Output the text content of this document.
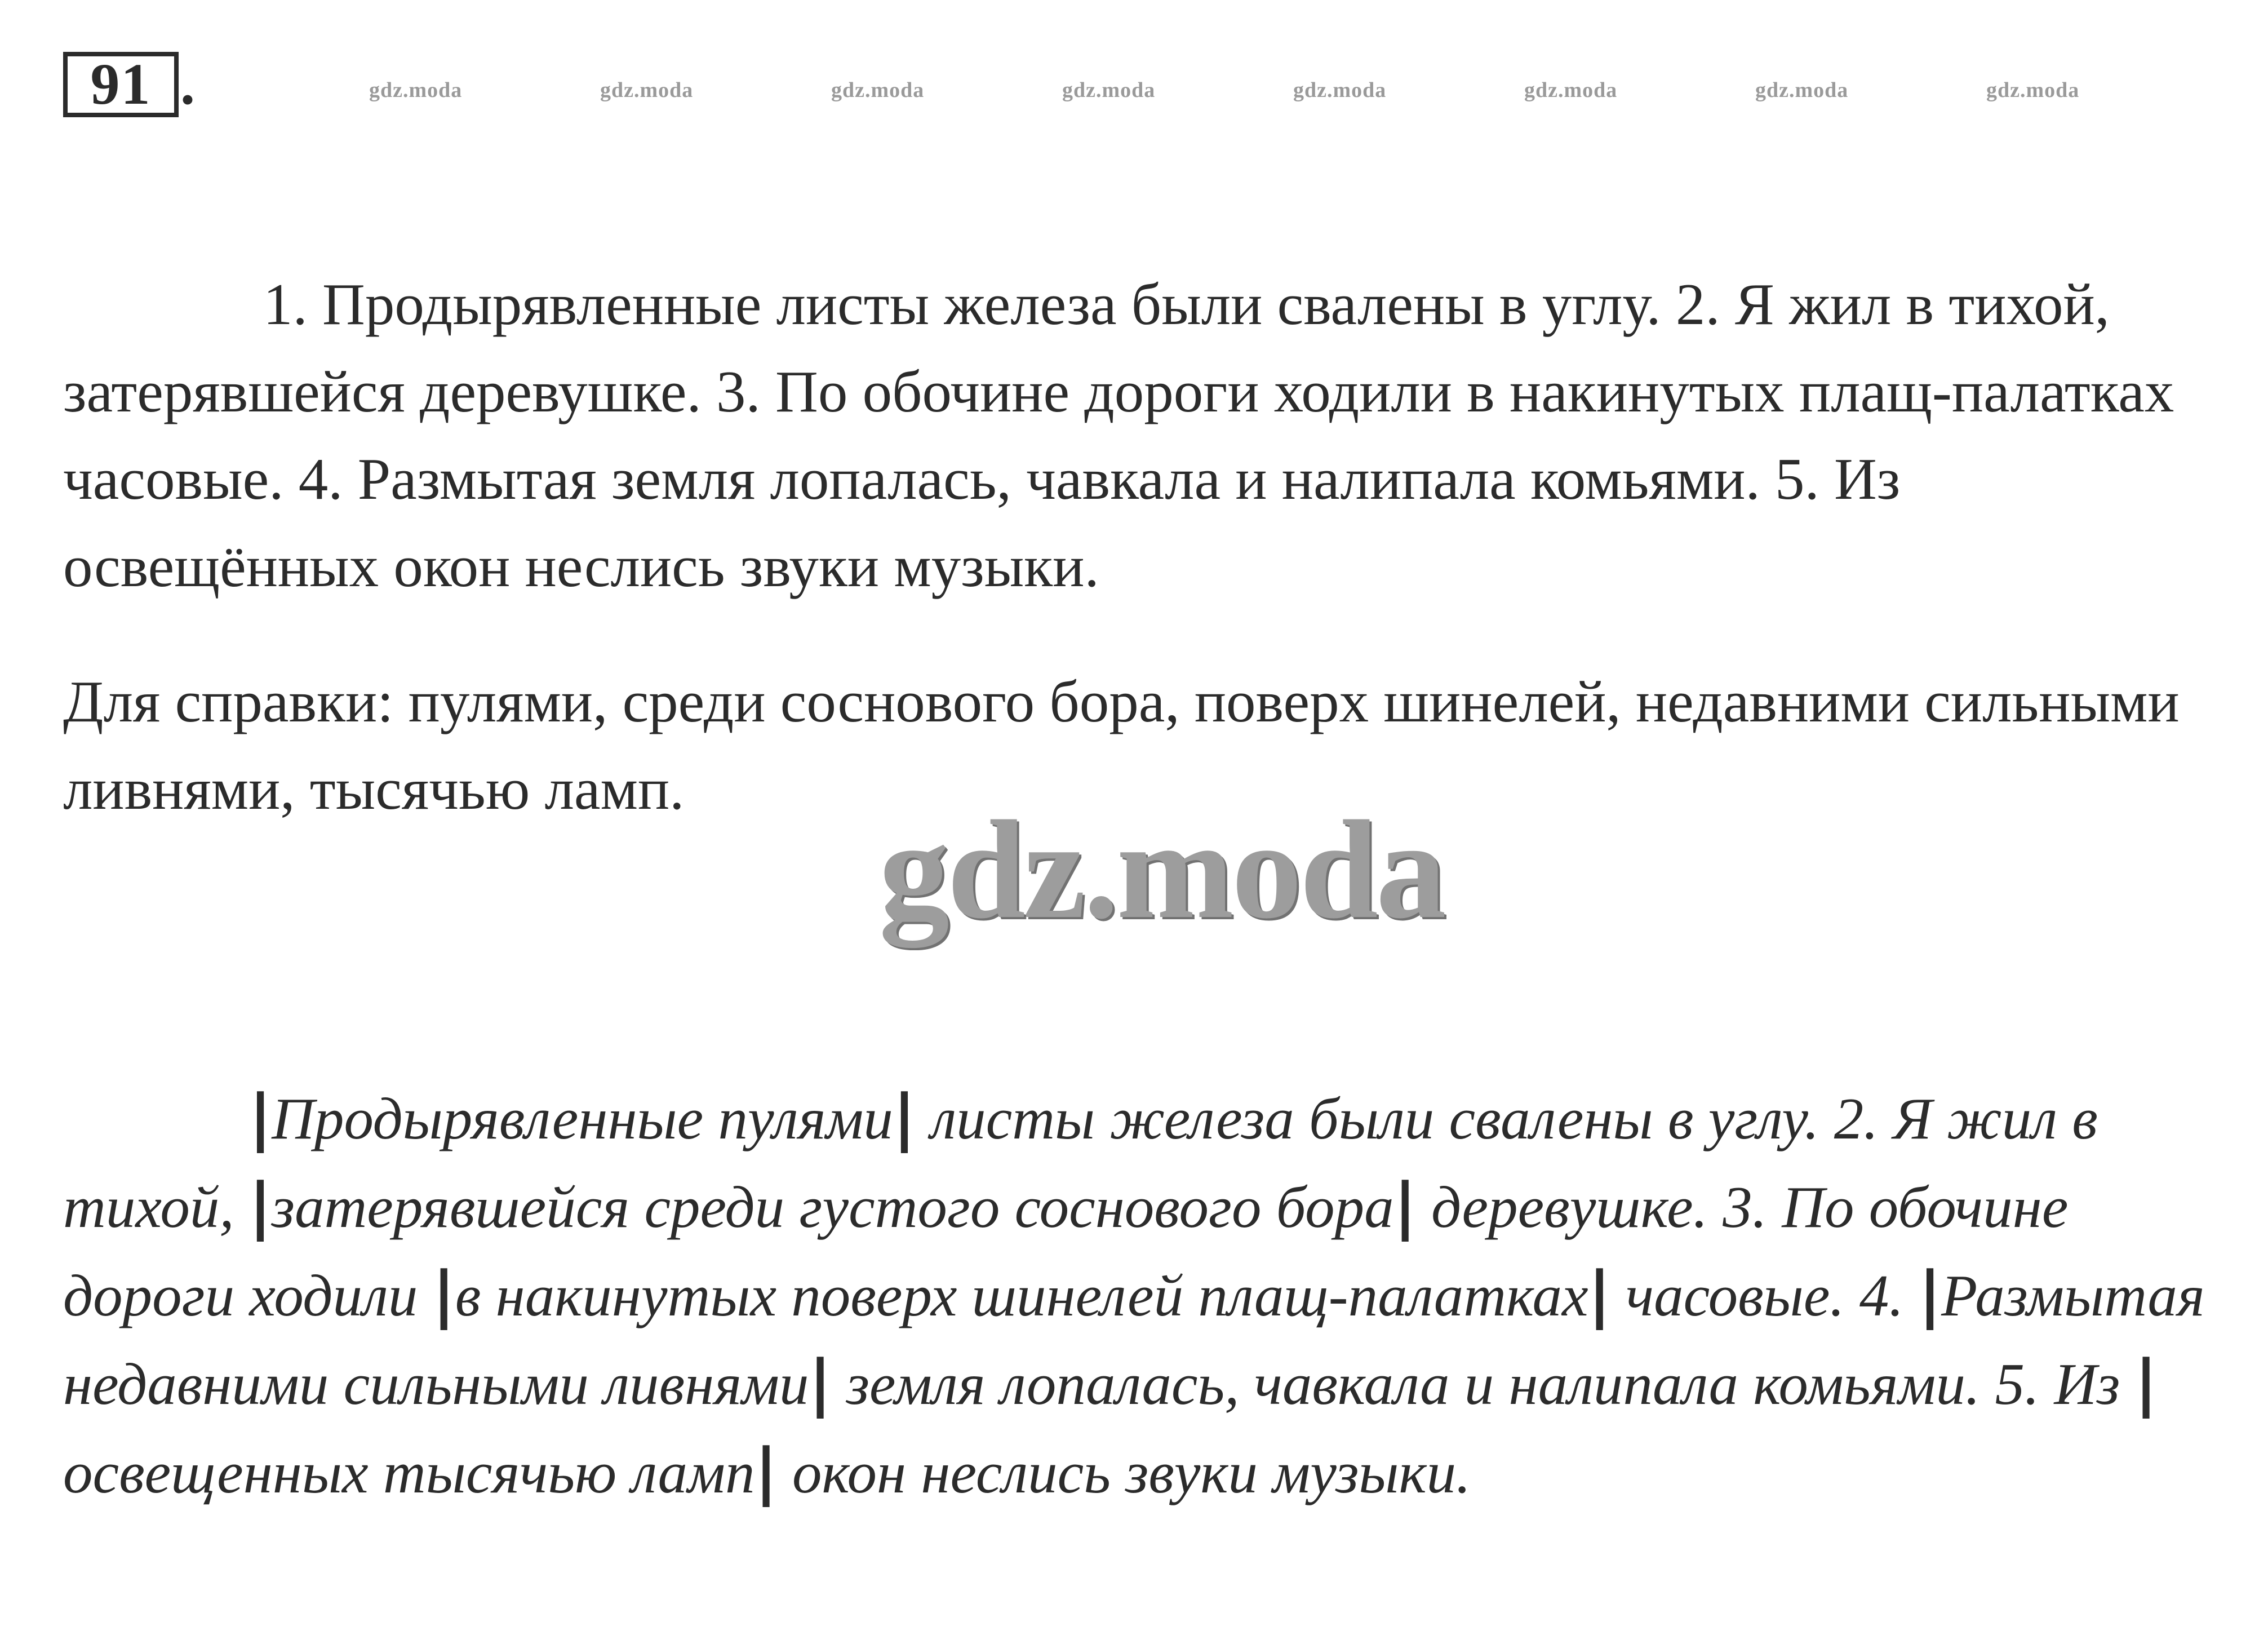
91 .	gdz.moda	gdz.moda	gdz.moda	gdz.moda	gdz.moda	gdz.moda	gdz.moda	gdz.moda

1. Продырявленные листы железа были свалены в углу. 2. Я жил в тихой, затерявшейся деревушке. 3. По обочине дороги ходили в накинутых плащ-палатках часовые. 4. Размытая земля лопалась, чавкала и налипала комьями. 5. Из освещённых окон неслись звуки музыки.

Для справки: пулями, среди соснового бора, поверх шинелей, недавними сильными ливнями, тысячью ламп.

gdz.moda

|Продырявленные пулями| листы железа были свалены в углу. 2. Я жил в тихой, |затерявшейся среди густого соснового бора| деревушке. 3. По обочине дороги ходили |в накинутых поверх шинелей плащ-палатках| часовые. 4. |Размытая недавними сильными ливнями| земля лопалась, чавкала и налипала комьями. 5. Из |освещенных тысячью ламп| окон неслись звуки музыки.
